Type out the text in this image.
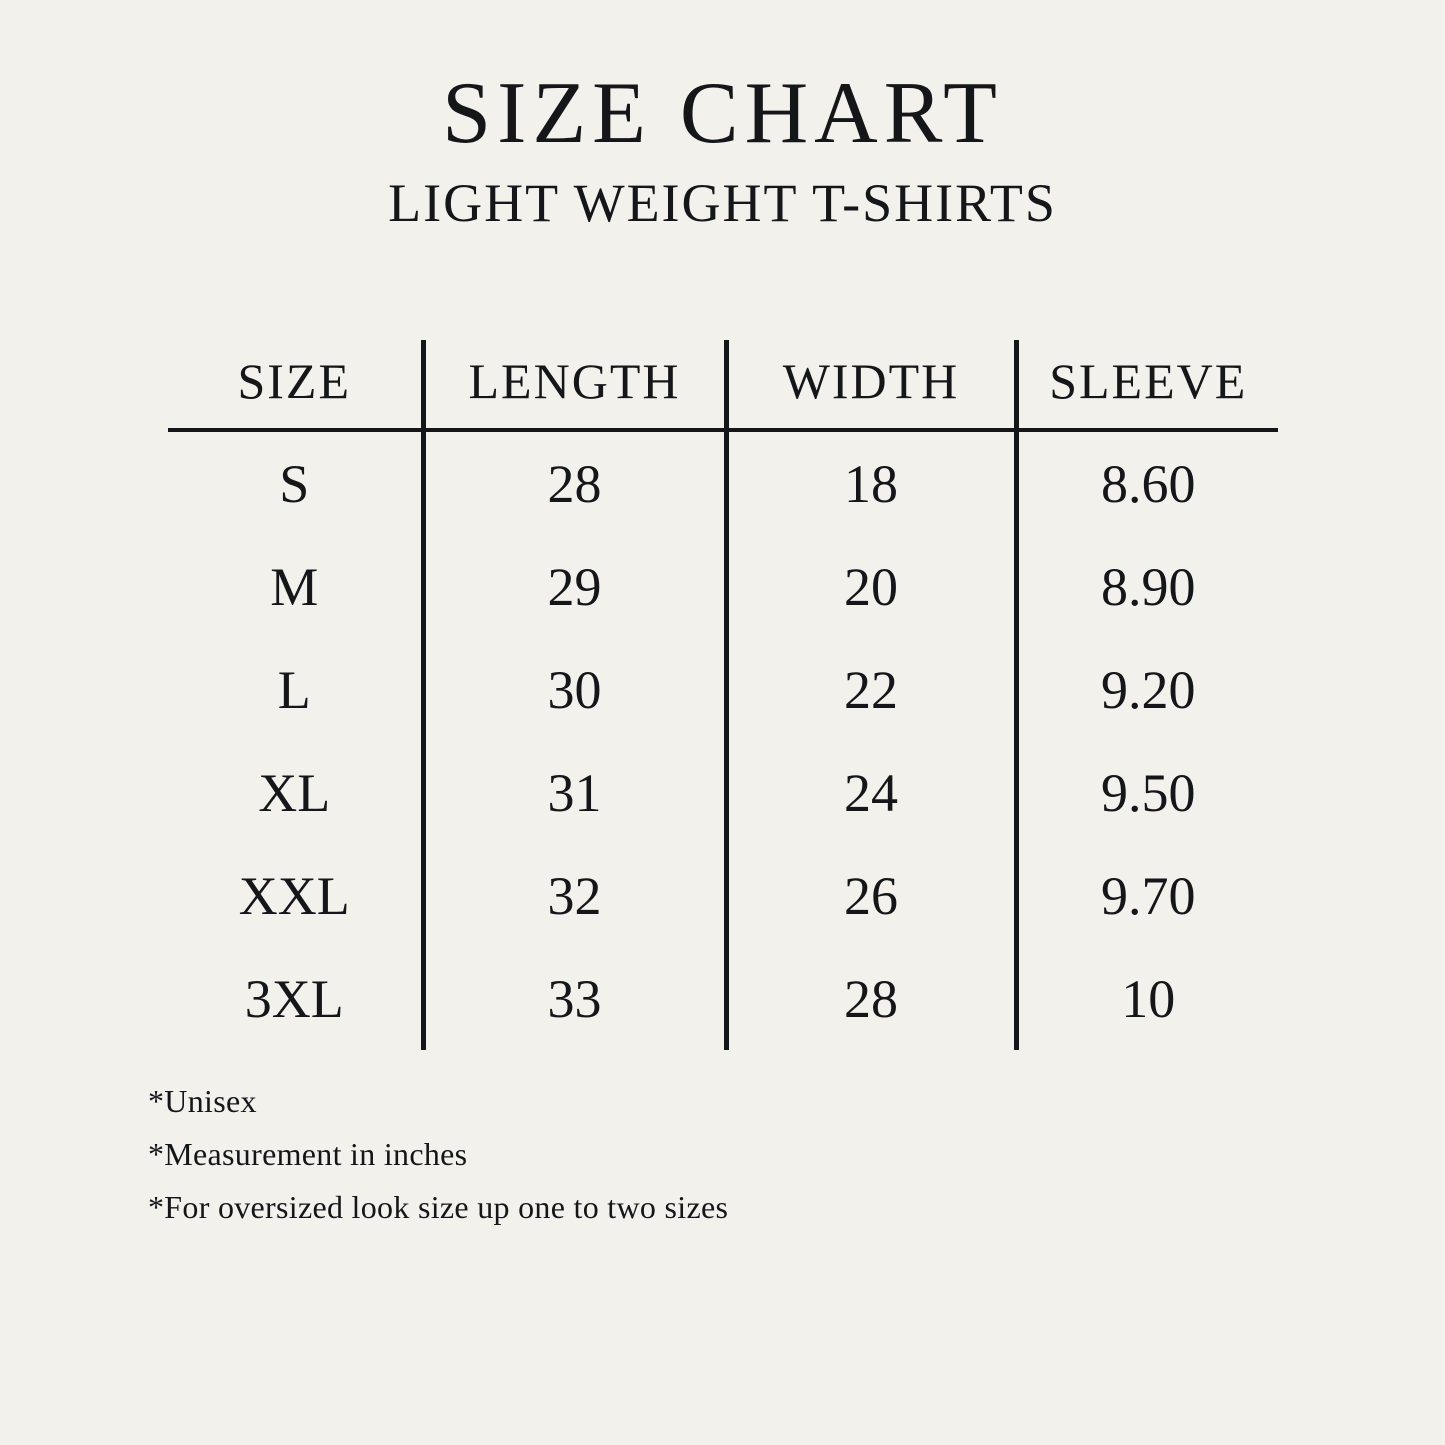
SIZE CHART
LIGHT WEIGHT T-SHIRTS
SIZE	LENGTH	WIDTH	SLEEVE
S	28	18	8.60
M	29	20	8.90
L	30	22	9.20
XL	31	24	9.50
XXL	32	26	9.70
3XL	33	28	10
*Unisex
*Measurement in inches
*For oversized look size up one to two sizes
